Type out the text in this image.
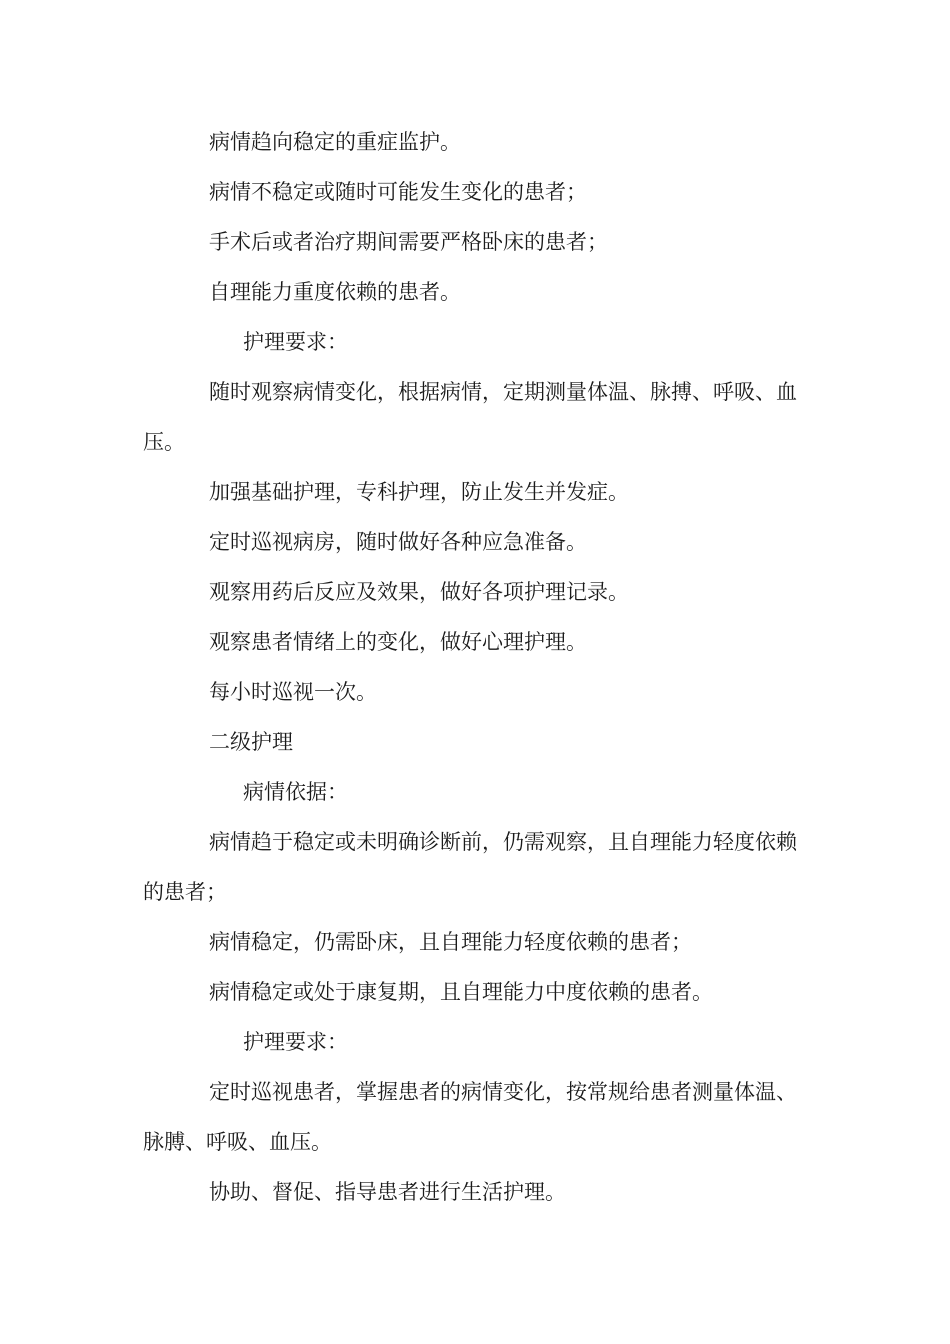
病情趋向稳定的重症监护。

病情不稳定或随时可能发生变化的患者；

手术后或者治疗期间需要严格卧床的患者；

自理能力重度依赖的患者。

护理要求：

随时观察病情变化，根据病情，定期测量体温、脉搏、呼吸、血压。

加强基础护理，专科护理，防止发生并发症。

定时巡视病房，随时做好各种应急准备。

观察用药后反应及效果，做好各项护理记录。

观察患者情绪上的变化，做好心理护理。

每小时巡视一次。

二级护理

病情依据：

病情趋于稳定或未明确诊断前，仍需观察，且自理能力轻度依赖的患者；

病情稳定，仍需卧床，且自理能力轻度依赖的患者；

病情稳定或处于康复期，且自理能力中度依赖的患者。

护理要求：

定时巡视患者，掌握患者的病情变化，按常规给患者测量体温、脉膊、呼吸、血压。

协助、督促、指导患者进行生活护理。
